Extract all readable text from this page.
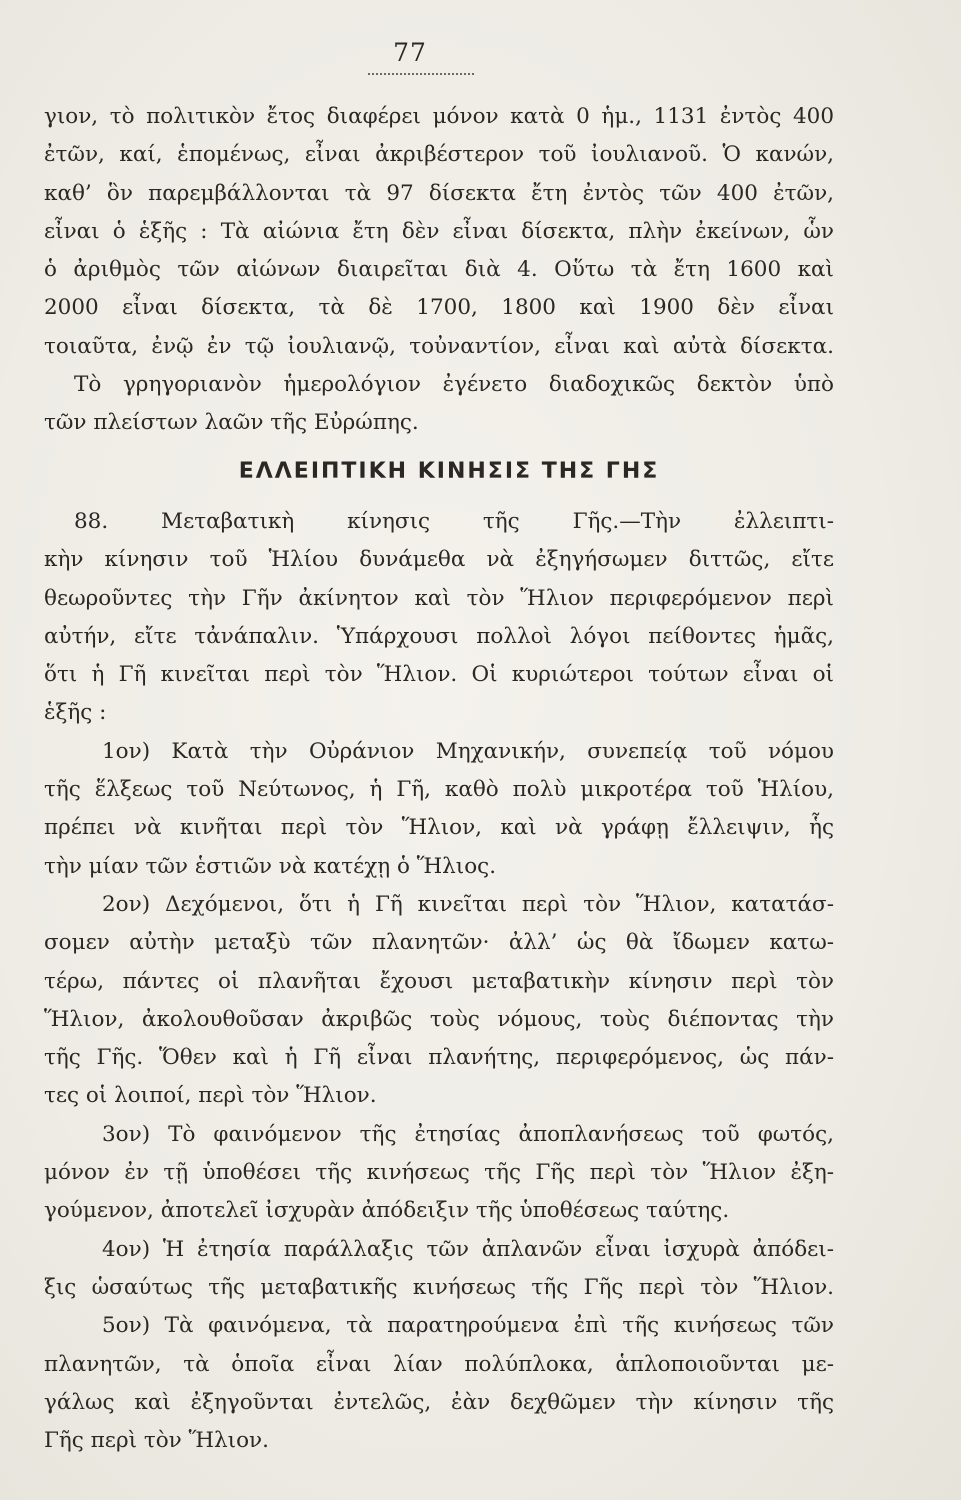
77
γιον, τὸ πολιτικὸν ἔτος διαφέρει μόνον κατὰ 0 ἡμ., 1131 ἐντὸς 400
ἐτῶν, καί, ἑπομένως, εἶναι ἀκριβέστερον τοῦ ἰουλιανοῦ. Ὁ κανών,
καθ’ ὃν παρεμβάλλονται τὰ 97 δίσεκτα ἔτη ἐντὸς τῶν 400 ἐτῶν,
εἶναι ὁ ἑξῆς : Τὰ αἰώνια ἔτη δὲν εἶναι δίσεκτα, πλὴν ἐκείνων, ὧν
ὁ ἀριθμὸς τῶν αἰώνων διαιρεῖται διὰ 4. Οὕτω τὰ ἔτη 1600 καὶ
2000 εἶναι δίσεκτα, τὰ δὲ 1700, 1800 καὶ 1900 δὲν εἶναι
τοιαῦτα, ἐνῷ ἐν τῷ ἰουλιανῷ, τοὐναντίον, εἶναι καὶ αὐτὰ δίσεκτα.
Τὸ γρηγοριανὸν ἡμερολόγιον ἐγένετο διαδοχικῶς δεκτὸν ὑπὸ
τῶν πλείστων λαῶν τῆς Εὐρώπης.
ΕΛΛΕΙΠΤΙΚΗ ΚΙΝΗΣΙΣ ΤΗΣ ΓΗΣ
88. Μεταβατικὴ κίνησις τῆς Γῆς.—Τὴν ἐλλειπτι-
κὴν κίνησιν τοῦ Ἡλίου δυνάμεθα νὰ ἐξηγήσωμεν διττῶς, εἴτε
θεωροῦντες τὴν Γῆν ἀκίνητον καὶ τὸν Ἥλιον περιφερόμενον περὶ
αὐτήν, εἴτε τἀνάπαλιν. Ὑπάρχουσι πολλοὶ λόγοι πείθοντες ἡμᾶς,
ὅτι ἡ Γῆ κινεῖται περὶ τὸν Ἥλιον. Οἱ κυριώτεροι τούτων εἶναι οἱ
ἑξῆς :
1ον) Κατὰ τὴν Οὐράνιον Μηχανικήν, συνεπείᾳ τοῦ νόμου
τῆς ἕλξεως τοῦ Νεύτωνος, ἡ Γῆ, καθὸ πολὺ μικροτέρα τοῦ Ἡλίου,
πρέπει νὰ κινῆται περὶ τὸν Ἥλιον, καὶ νὰ γράφῃ ἔλλειψιν, ἧς
τὴν μίαν τῶν ἑστιῶν νὰ κατέχῃ ὁ Ἥλιος.
2ον) Δεχόμενοι, ὅτι ἡ Γῆ κινεῖται περὶ τὸν Ἥλιον, κατατάσ-
σομεν αὐτὴν μεταξὺ τῶν πλανητῶν· ἀλλ’ ὡς θὰ ἴδωμεν κατω-
τέρω, πάντες οἱ πλανῆται ἔχουσι μεταβατικὴν κίνησιν περὶ τὸν
Ἥλιον, ἀκολουθοῦσαν ἀκριβῶς τοὺς νόμους, τοὺς διέποντας τὴν
τῆς Γῆς. Ὅθεν καὶ ἡ Γῆ εἶναι πλανήτης, περιφερόμενος, ὡς πάν-
τες οἱ λοιποί, περὶ τὸν Ἥλιον.
3ον) Τὸ φαινόμενον τῆς ἐτησίας ἀποπλανήσεως τοῦ φωτός,
μόνον ἐν τῇ ὑποθέσει τῆς κινήσεως τῆς Γῆς περὶ τὸν Ἥλιον ἐξη-
γούμενον, ἀποτελεῖ ἰσχυρὰν ἀπόδειξιν τῆς ὑποθέσεως ταύτης.
4ον) Ἡ ἐτησία παράλλαξις τῶν ἀπλανῶν εἶναι ἰσχυρὰ ἀπόδει-
ξις ὡσαύτως τῆς μεταβατικῆς κινήσεως τῆς Γῆς περὶ τὸν Ἥλιον.
5ον) Τὰ φαινόμενα, τὰ παρατηρούμενα ἐπὶ τῆς κινήσεως τῶν
πλανητῶν, τὰ ὁποῖα εἶναι λίαν πολύπλοκα, ἁπλοποιοῦνται με-
γάλως καὶ ἐξηγοῦνται ἐντελῶς, ἐὰν δεχθῶμεν τὴν κίνησιν τῆς
Γῆς περὶ τὸν Ἥλιον.
